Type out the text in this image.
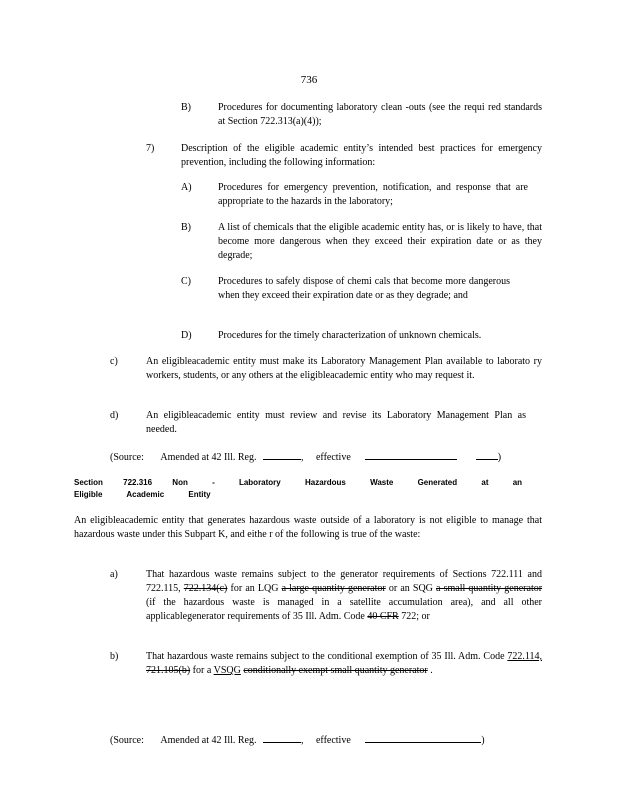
736
B)	Procedures for documenting laboratory clean -outs (see the requi red standards at Section 722.313(a)(4));
7)	Description of the eligible academic entity’s intended best practices for emergency prevention, including the following information:
A)	Procedures for emergency prevention, notification, and response that are appropriate to the hazards in the laboratory;
B)	A list of chemicals that the eligible academic entity has, or is likely to have, that become more dangerous when they exceed their expiration date or as they degrade;
C)	Procedures to safely dispose of chemi cals that become more dangerous when they exceed their expiration date or as they degrade; and
D)	Procedures for the timely characterization of unknown chemicals.
c)	An eligibleacademic entity must make its Laboratory Management Plan available to laborato ry workers, students, or any others at the eligibleacademic entity who may request it.
d)	An eligibleacademic entity must review and revise its Laboratory Management Plan as needed.
(Source: Amended at 42 Ill. Reg.	, effective	)
Section	722.316	Non - Laboratory Hazardous Waste Generated at an Eligible Academic Entity
An eligibleacademic entity that generates hazardous waste outside of a laboratory is not eligible to manage that hazardous waste under this Subpart K, and eithe r of the following is true of the waste:
a)	That hazardous waste remains subject to the generator requirements of Sections 722.111 and 722.115, 722.134(c) for an LQG a large quantity generator or an SQG a small quantity generator (if the hazardous waste is managed in a satellite accumulation area), and all other applicablegenerator requirements of 35 Ill. Adm. Code 40 CFR 722; or
b)	That hazardous waste remains subject to the conditional exemption of 35 Ill. Adm. Code 722.114, 721.105(b) for a VSQG conditionally exempt small quantity generator .
(Source: Amended at 42 Ill. Reg.	, effective	)
